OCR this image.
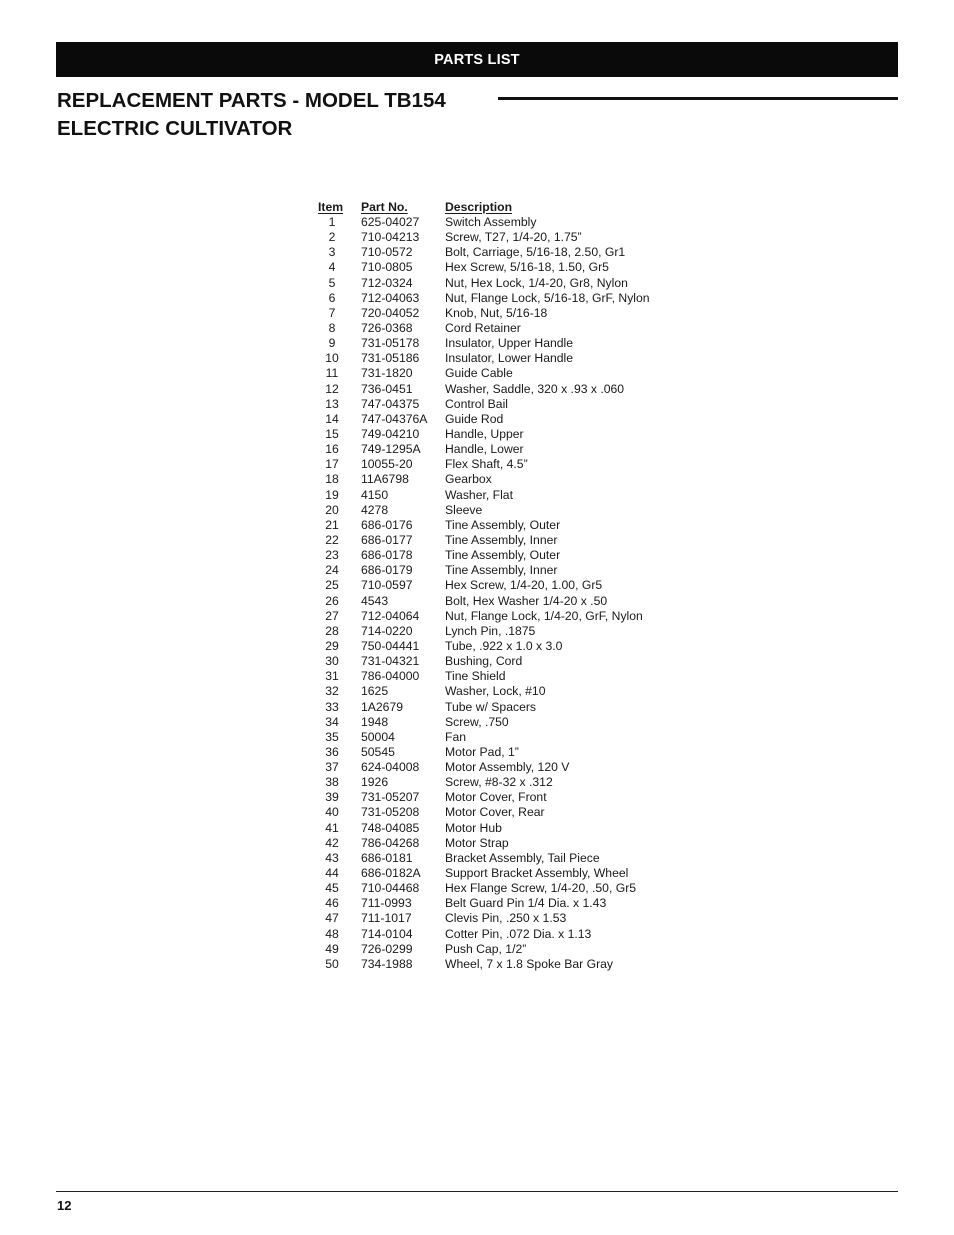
PARTS LIST
REPLACEMENT PARTS - MODEL TB154
ELECTRIC CULTIVATOR
Item	Part No.	Description
1	625-04027	Switch Assembly
2	710-04213	Screw, T27, 1/4-20, 1.75”
3	710-0572	Bolt, Carriage, 5/16-18, 2.50, Gr1
4	710-0805	Hex Screw, 5/16-18, 1.50, Gr5
5	712-0324	Nut, Hex Lock, 1/4-20, Gr8, Nylon
6	712-04063	Nut, Flange Lock, 5/16-18, GrF, Nylon
7	720-04052	Knob, Nut, 5/16-18
8	726-0368	Cord Retainer
9	731-05178	Insulator, Upper Handle
10	731-05186	Insulator, Lower Handle
11	731-1820	Guide Cable
12	736-0451	Washer, Saddle, 320 x .93 x .060
13	747-04375	Control Bail
14	747-04376A	Guide Rod
15	749-04210	Handle, Upper
16	749-1295A	Handle, Lower
17	10055-20	Flex Shaft, 4.5”
18	11A6798	Gearbox
19	4150	Washer, Flat
20	4278	Sleeve
21	686-0176	Tine Assembly, Outer
22	686-0177	Tine Assembly, Inner
23	686-0178	Tine Assembly, Outer
24	686-0179	Tine Assembly, Inner
25	710-0597	Hex Screw, 1/4-20, 1.00, Gr5
26	4543	Bolt, Hex Washer 1/4-20 x .50
27	712-04064	Nut, Flange Lock, 1/4-20, GrF, Nylon
28	714-0220	Lynch Pin, .1875
29	750-04441	Tube, .922 x 1.0 x 3.0
30	731-04321	Bushing, Cord
31	786-04000	Tine Shield
32	1625	Washer, Lock, #10
33	1A2679	Tube w/ Spacers
34	1948	Screw, .750
35	50004	Fan
36	50545	Motor Pad, 1”
37	624-04008	Motor Assembly, 120 V
38	1926	Screw, #8-32 x .312
39	731-05207	Motor Cover, Front
40	731-05208	Motor Cover, Rear
41	748-04085	Motor Hub
42	786-04268	Motor Strap
43	686-0181	Bracket Assembly, Tail Piece
44	686-0182A	Support Bracket Assembly, Wheel
45	710-04468	Hex Flange Screw, 1/4-20, .50, Gr5
46	711-0993	Belt Guard Pin 1/4 Dia. x 1.43
47	711-1017	Clevis Pin, .250 x 1.53
48	714-0104	Cotter Pin, .072 Dia. x 1.13
49	726-0299	Push Cap, 1/2”
50	734-1988	Wheel, 7 x 1.8 Spoke Bar Gray
12
